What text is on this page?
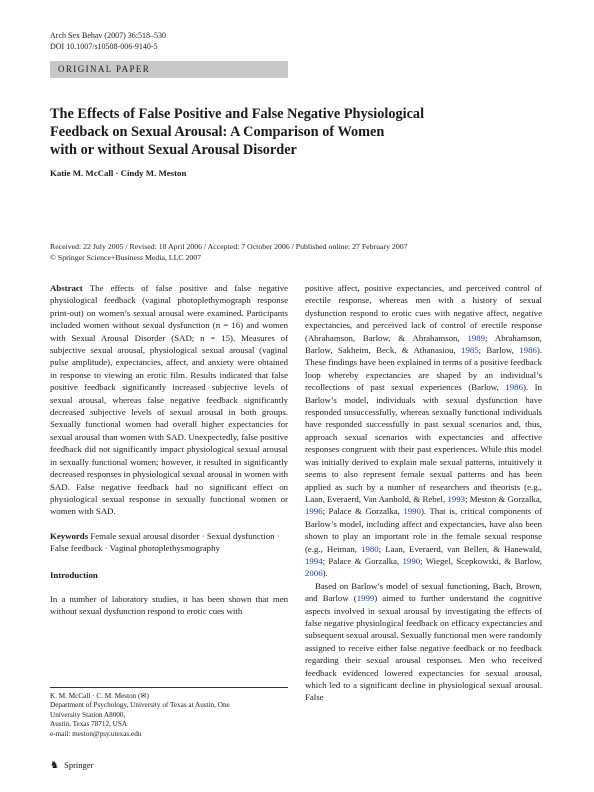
Arch Sex Behav (2007) 36:518–530
DOI 10.1007/s10508-006-9140-5
ORIGINAL PAPER
The Effects of False Positive and False Negative Physiological
Feedback on Sexual Arousal: A Comparison of Women
with or without Sexual Arousal Disorder
Katie M. McCall · Cindy M. Meston
Received: 22 July 2005 / Revised: 18 April 2006 / Accepted: 7 October 2006 / Published online: 27 February 2007
© Springer Science+Business Media, LLC 2007

Abstract The effects of false positive and false negative physiological feedback (vaginal photoplethymograph response print-out) on women’s sexual arousal were examined. Participants included women without sexual dysfunction (n = 16) and women with Sexual Arousal Disorder (SAD; n = 15). Measures of subjective sexual arousal, physiological sexual arousal (vaginal pulse amplitude), expectancies, affect, and anxiety were obtained in response to viewing an erotic film. Results indicated that false positive feedback significantly increased subjective levels of sexual arousal, whereas false negative feedback significantly decreased subjective levels of sexual arousal in both groups. Sexually functional women had overall higher expectancies for sexual arousal than women with SAD. Unexpectedly, false positive feedback did not significantly impact physiological sexual arousal in sexually functional women; however, it resulted in significantly decreased responses in physiological sexual arousal in women with SAD. False negative feedback had no significant effect on physiological sexual response in sexually functional women or women with SAD.

Keywords Female sexual arousal disorder · Sexual dysfunction · False feedback · Vaginal photoplethysmography

Introduction

In a number of laboratory studies, it has been shown that men without sexual dysfunction respond to erotic cues with

positive affect, positive expectancies, and perceived control of erectile response, whereas men with a history of sexual dysfunction respond to erotic cues with negative affect, negative expectancies, and perceived lack of control of erectile response (Abrahamson, Barlow, & Abrahamson, 1989; Abrahamson, Barlow, Sakheim, Beck, & Athanasiou, 1985; Barlow, 1986). These findings have been explained in terms of a positive feedback loop whereby expectancies are shaped by an individual’s recollections of past sexual experiences (Barlow, 1986). In Barlow’s model, individuals with sexual dysfunction have responded unsuccessfully, whereas sexually functional individuals have responded successfully in past sexual scenarios and, thus, approach sexual scenarios with expectancies and affective responses congruent with their past experiences. While this model was initially derived to explain male sexual patterns, intuitively it seems to also represent female sexual patterns and has been applied as such by a number of researchers and theorists (e.g., Laan, Everaerd, Van Aanhold, & Rebel, 1993; Meston & Gorzalka, 1996; Palace & Gorzalka, 1990). That is, critical components of Barlow’s model, including affect and expectancies, have also been shown to play an important role in the female sexual response (e.g., Heiman, 1980; Laan, Everaerd, van Bellen, & Hanewald, 1994; Palace & Gorzalka, 1990; Wiegel, Scepkowski, & Barlow, 2006).

Based on Barlow’s model of sexual functioning, Bach, Brown, and Barlow (1999) aimed to further understand the cognitive aspects involved in sexual arousal by investigating the effects of false negative physiological feedback on efficacy expectancies and subsequent sexual arousal. Sexually functional men were randomly assigned to receive either false negative feedback or no feedback regarding their sexual arousal responses. Men who received feedback evidenced lowered expectancies for sexual arousal, which led to a significant decline in physiological sexual arousal. False

K. M. McCall · C. M. Meston (✉)
Department of Psychology, University of Texas at Austin, One
University Station A8000,
Austin, Texas 78712, USA
e-mail: meston@psy.utexas.edu
♞ Springer
